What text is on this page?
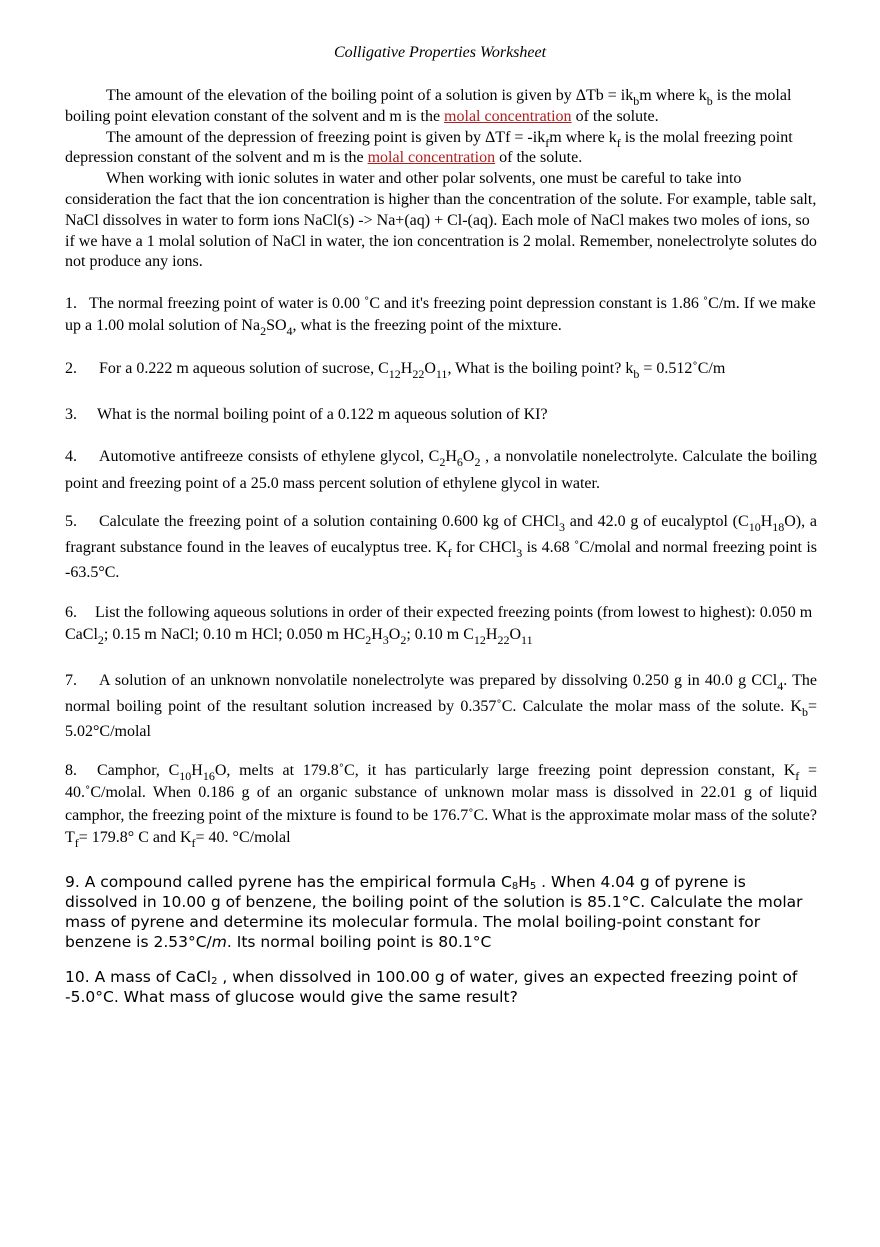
Colligative Properties Worksheet

The amount of the elevation of the boiling point of a solution is given by $\Delta Tb = ik_bm$ where $k_b$ is the molal boiling point elevation constant of the solvent and m is the molal concentration of the solute.

The amount of the depression of freezing point is given by $\Delta Tf = -ik_fm$ where $k_f$ is the molal freezing point depression constant of the solvent and m is the molal concentration of the solute.

When working with ionic solutes in water and other polar solvents, one must be careful to take into consideration the fact that the ion concentration is higher than the concentration of the solute. For example, table salt, NaCl dissolves in water to form ions NaCl(s) -> Na+(aq) + Cl-(aq). Each mole of NaCl makes two moles of ions, so if we have a 1 molal solution of NaCl in water, the ion concentration is 2 molal. Remember, nonelectrolyte solutes do not produce any ions.

1. The normal freezing point of water is 0.00 ˚C and it's freezing point depression constant is 1.86 ˚C/m. If we make up a 1.00 molal solution of $Na_2SO_4$, what is the freezing point of the mixture.

2. For a 0.222 m aqueous solution of sucrose, $C_{12}H_{22}O_{11}$, What is the boiling point? $k_b$ = 0.512˚C/m

3. What is the normal boiling point of a 0.122 m aqueous solution of KI?

4. Automotive antifreeze consists of ethylene glycol, $C_2H_6O_2$ , a nonvolatile nonelectrolyte. Calculate the boiling point and freezing point of a 25.0 mass percent solution of ethylene glycol in water.

5. Calculate the freezing point of a solution containing 0.600 kg of CHCl$_3$ and 42.0 g of eucalyptol $(C_{10}H_{18}O)$, a fragrant substance found in the leaves of eucalyptus tree. $K_f$ for CHCl$_3$ is 4.68 ˚C/molal and normal freezing point is -63.5°C.

6. List the following aqueous solutions in order of their expected freezing points (from lowest to highest): 0.050 m CaCl$_2$; 0.15 m NaCl; 0.10 m HCl; 0.050 m $HC_2H_3O_2$; 0.10 m $C_{12}H_{22}O_{11}$

7. A solution of an unknown nonvolatile nonelectrolyte was prepared by dissolving 0.250 g in 40.0 g CCl$_4$. The normal boiling point of the resultant solution increased by 0.357˚C. Calculate the molar mass of the solute. $K_b=$ 5.02°C/molal

8. Camphor, $C_{10}H_{16}O$, melts at 179.8˚C, it has particularly large freezing point depression constant, $K_f$ = 40.˚C/molal. When 0.186 g of an organic substance of unknown molar mass is dissolved in 22.01 g of liquid camphor, the freezing point of the mixture is found to be 176.7˚C. What is the approximate molar mass of the solute? $T_f= 179.8^\circ$ C and $K_f= 40$. °C/molal

9. A compound called pyrene has the empirical formula $C_8H_5$ . When 4.04 g of pyrene is dissolved in 10.00 g of benzene, the boiling point of the solution is 85.1°C. Calculate the molar mass of pyrene and determine its molecular formula. The molal boiling-point constant for benzene is 2.53°C/m. Its normal boiling point is 80.1°C

10. A mass of CaCl$_2$ , when dissolved in 100.00 g of water, gives an expected freezing point of -5.0°C. What mass of glucose would give the same result?
